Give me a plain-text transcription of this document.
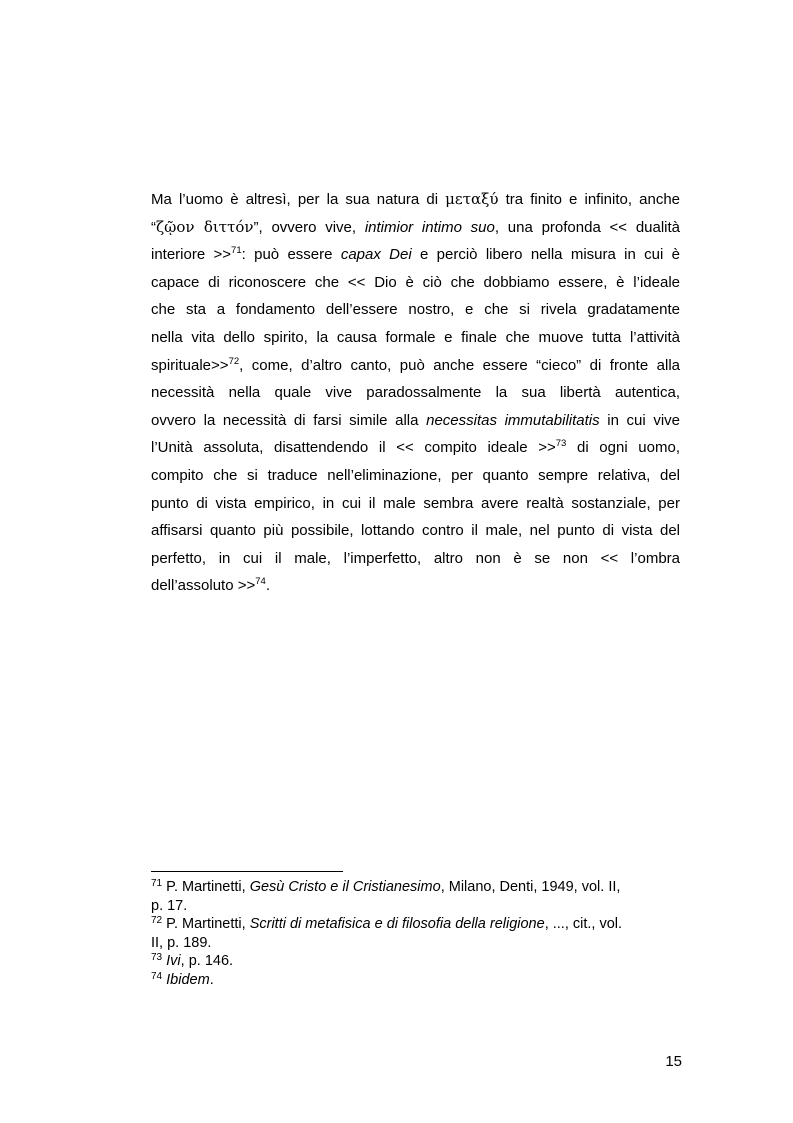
Ma l’uomo è altresì, per la sua natura di μεταξύ tra finito e infinito, anche
“ζῷον διττόν”, ovvero vive, intimior intimo suo, una profonda << dualità
interiore >>$^{71}$: può essere capax Dei e perciò libero nella misura in cui è
capace di riconoscere che << Dio è ciò che dobbiamo essere, è l’ideale
che sta a fondamento dell’essere nostro, e che si rivela gradatamente
nella vita dello spirito, la causa formale e finale che muove tutta l’attività
spirituale>>$^{72}$, come, d’altro canto, può anche essere “cieco” di fronte alla
necessità nella quale vive paradossalmente la sua libertà autentica,
ovvero la necessità di farsi simile alla necessitas immutabilitatis in cui vive
l’Unità assoluta, disattendendo il << compito ideale >>$^{73}$ di ogni uomo,
compito che si traduce nell’eliminazione, per quanto sempre relativa, del
punto di vista empirico, in cui il male sembra avere realtà sostanziale, per
affisarsi quanto più possibile, lottando contro il male, nel punto di vista del
perfetto, in cui il male, l’imperfetto, altro non è se non << l’ombra
dell’assoluto >>$^{74}$.
$^{71}$ P. Martinetti, Gesù Cristo e il Cristianesimo, Milano, Denti, 1949, vol. II,
p. 17.
$^{72}$ P. Martinetti, Scritti di metafisica e di filosofia della religione, ..., cit., vol.
II, p. 189.
$^{73}$ Ivi, p. 146.
$^{74}$ Ibidem.
15
